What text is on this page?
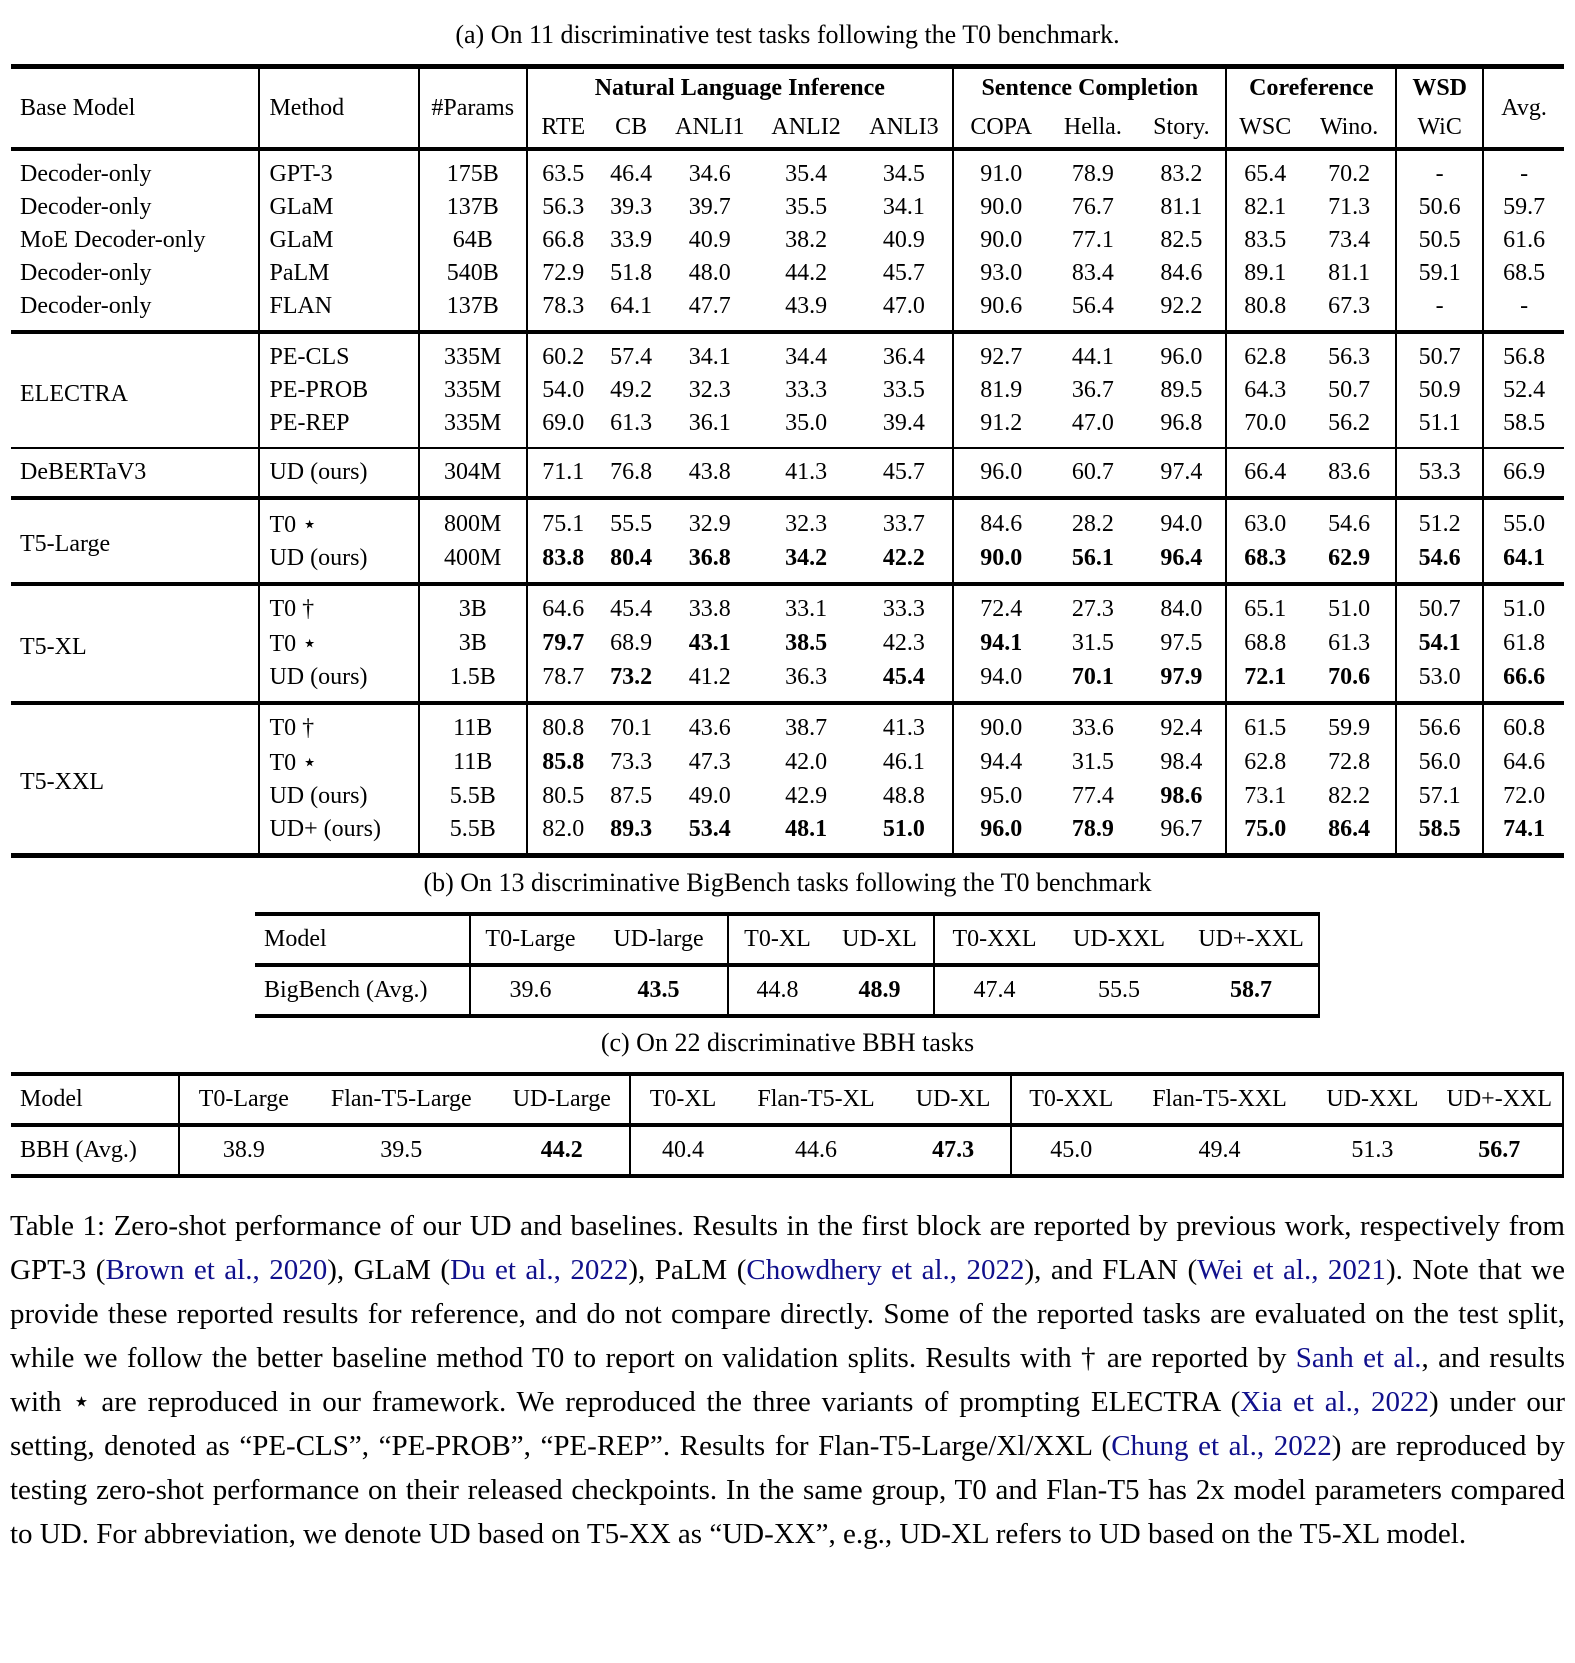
(a) On 11 discriminative test tasks following the T0 benchmark.
Base Model	Method	#Params	Natural Language Inference					Sentence Completion			Coreference		WSD	Avg.
			RTE	CB	ANLI1	ANLI2	ANLI3	COPA	Hella.	Story.	WSC	Wino.	WiC	
Decoder-only	GPT-3	175B	63.5	46.4	34.6	35.4	34.5	91.0	78.9	83.2	65.4	70.2	-	-
Decoder-only	GLaM	137B	56.3	39.3	39.7	35.5	34.1	90.0	76.7	81.1	82.1	71.3	50.6	59.7
MoE Decoder-only	GLaM	64B	66.8	33.9	40.9	38.2	40.9	90.0	77.1	82.5	83.5	73.4	50.5	61.6
Decoder-only	PaLM	540B	72.9	51.8	48.0	44.2	45.7	93.0	83.4	84.6	89.1	81.1	59.1	68.5
Decoder-only	FLAN	137B	78.3	64.1	47.7	43.9	47.0	90.6	56.4	92.2	80.8	67.3	-	-
ELECTRA	PE-CLS	335M	60.2	57.4	34.1	34.4	36.4	92.7	44.1	96.0	62.8	56.3	50.7	56.8
	PE-PROB	335M	54.0	49.2	32.3	33.3	33.5	81.9	36.7	89.5	64.3	50.7	50.9	52.4
	PE-REP	335M	69.0	61.3	36.1	35.0	39.4	91.2	47.0	96.8	70.0	56.2	51.1	58.5
DeBERTaV3	UD (ours)	304M	71.1	76.8	43.8	41.3	45.7	96.0	60.7	97.4	66.4	83.6	53.3	66.9
T5-Large	T0 ⋆	800M	75.1	55.5	32.9	32.3	33.7	84.6	28.2	94.0	63.0	54.6	51.2	55.0
	UD (ours)	400M	83.8	80.4	36.8	34.2	42.2	90.0	56.1	96.4	68.3	62.9	54.6	64.1
T5-XL	T0 †	3B	64.6	45.4	33.8	33.1	33.3	72.4	27.3	84.0	65.1	51.0	50.7	51.0
	T0 ⋆	3B	79.7	68.9	43.1	38.5	42.3	94.1	31.5	97.5	68.8	61.3	54.1	61.8
	UD (ours)	1.5B	78.7	73.2	41.2	36.3	45.4	94.0	70.1	97.9	72.1	70.6	53.0	66.6
T5-XXL	T0 †	11B	80.8	70.1	43.6	38.7	41.3	90.0	33.6	92.4	61.5	59.9	56.6	60.8
	T0 ⋆	11B	85.8	73.3	47.3	42.0	46.1	94.4	31.5	98.4	62.8	72.8	56.0	64.6
	UD (ours)	5.5B	80.5	87.5	49.0	42.9	48.8	95.0	77.4	98.6	73.1	82.2	57.1	72.0
	UD+ (ours)	5.5B	82.0	89.3	53.4	48.1	51.0	96.0	78.9	96.7	75.0	86.4	58.5	74.1
(b) On 13 discriminative BigBench tasks following the T0 benchmark
Model	T0-Large	UD-large	T0-XL	UD-XL	T0-XXL	UD-XXL	UD+-XXL
BigBench (Avg.)	39.6	43.5	44.8	48.9	47.4	55.5	58.7
(c) On 22 discriminative BBH tasks
Model	T0-Large	Flan-T5-Large	UD-Large	T0-XL	Flan-T5-XL	UD-XL	T0-XXL	Flan-T5-XXL	UD-XXL	UD+-XXL
BBH (Avg.)	38.9	39.5	44.2	40.4	44.6	47.3	45.0	49.4	51.3	56.7

Table 1: Zero-shot performance of our UD and baselines. Results in the first block are reported by previous work, respectively from GPT-3 (Brown et al., 2020), GLaM (Du et al., 2022), PaLM (Chowdhery et al., 2022), and FLAN (Wei et al., 2021). Note that we provide these reported results for reference, and do not compare directly. Some of the reported tasks are evaluated on the test split, while we follow the better baseline method T0 to report on validation splits. Results with † are reported by Sanh et al., and results with ⋆ are reproduced in our framework. We reproduced the three variants of prompting ELECTRA (Xia et al., 2022) under our setting, denoted as “PE-CLS”, “PE-PROB”, “PE-REP”. Results for Flan-T5-Large/Xl/XXL (Chung et al., 2022) are reproduced by testing zero-shot performance on their released checkpoints. In the same group, T0 and Flan-T5 has 2x model parameters compared to UD. For abbreviation, we denote UD based on T5-XX as “UD-XX”, e.g., UD-XL refers to UD based on the T5-XL model.
